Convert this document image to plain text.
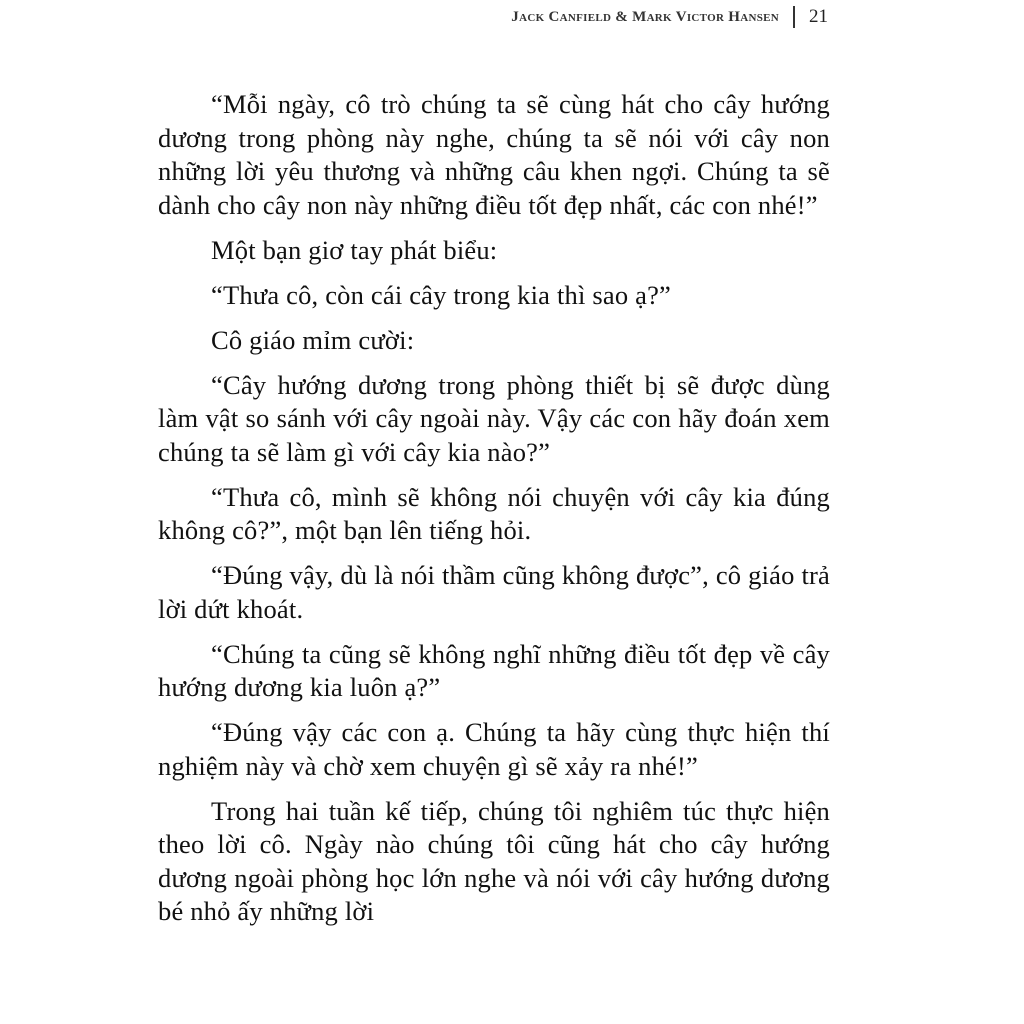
Jack Canfield & Mark Victor Hansen 21

“Mỗi ngày, cô trò chúng ta sẽ cùng hát cho cây hướng dương trong phòng này nghe, chúng ta sẽ nói với cây non những lời yêu thương và những câu khen ngợi. Chúng ta sẽ dành cho cây non này những điều tốt đẹp nhất, các con nhé!”

Một bạn giơ tay phát biểu:

“Thưa cô, còn cái cây trong kia thì sao ạ?”

Cô giáo mỉm cười:

“Cây hướng dương trong phòng thiết bị sẽ được dùng làm vật so sánh với cây ngoài này. Vậy các con hãy đoán xem chúng ta sẽ làm gì với cây kia nào?”

“Thưa cô, mình sẽ không nói chuyện với cây kia đúng không cô?”, một bạn lên tiếng hỏi.

“Đúng vậy, dù là nói thầm cũng không được”, cô giáo trả lời dứt khoát.

“Chúng ta cũng sẽ không nghĩ những điều tốt đẹp về cây hướng dương kia luôn ạ?”

“Đúng vậy các con ạ. Chúng ta hãy cùng thực hiện thí nghiệm này và chờ xem chuyện gì sẽ xảy ra nhé!”

Trong hai tuần kế tiếp, chúng tôi nghiêm túc thực hiện theo lời cô. Ngày nào chúng tôi cũng hát cho cây hướng dương ngoài phòng học lớn nghe và nói với cây hướng dương bé nhỏ ấy những lời
